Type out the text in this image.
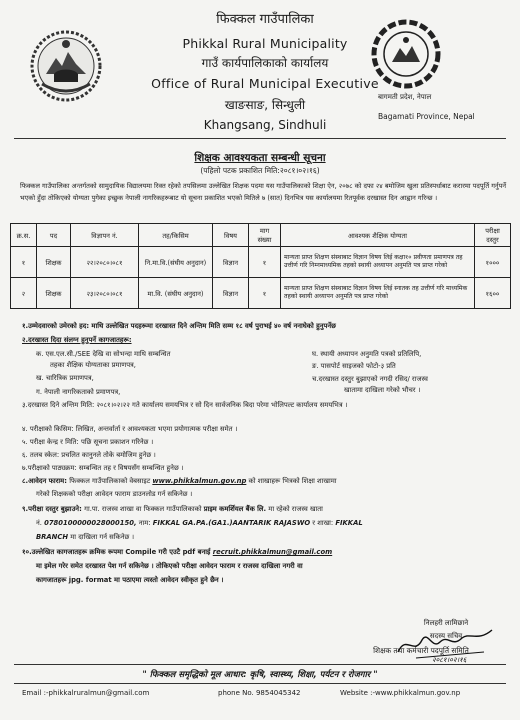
फिक्कल गाउँपालिका
Phikkal Rural Municipality
गाउँ कार्यपालिकाको कार्यालय
Office of Rural Municipal Executive
खाङसाङ, सिन्धुली
Khangsang, Sindhuli
बागमती प्रदेश, नेपाल
Bagamati Province, Nepal
शिक्षक आवश्यकता सम्बन्धी सूचना
(पहिलो पटक प्रकाशित मिति:२०८१।०२।१६)
फिक्कल गाउँपालिका अन्तर्गतको सामुदायिक विद्यालयमा रिक्त रहेको तपसिलमा उल्लेखित शिक्षक पदमा यस गाउँपालिकाको शिक्षा ऐन, २०७८ को दफा २४ बमोजिम खुला प्रतिस्पर्धाबाट करारमा पदपूर्ति गर्नुपर्ने भएको हुँदा तोकिएको योग्यता पुगेका इच्छुक नेपाली नागरिकहरूबाट यो सूचना प्रकाशित भएको मितिले ७ (सात) दिनभित्र यस कार्यालयमा रितपूर्वक दरखास्त दिन आह्वान गरिन्छ ।
क्र.स.	पद	विज्ञापन नं.	तह/किसिम	विषय	माग संख्या	आवश्यक शैक्षिक योग्यता	परीक्षा दस्तुर
१	शिक्षक	२२।२०८०।०८१	नि.मा.वि.(संघीय अनुदान)	विज्ञान	१	मान्यता प्राप्त शिक्षण संस्थाबाट विज्ञान विषय लिई कक्षा१० प्रवीणता प्रमाणपत्र तह उत्तीर्ण गरि निम्नमाध्यमिक तहको स्थायी अध्यापन अनुमति पत्र प्राप्त गरेको	१०००
२	शिक्षक	२३।२०८०।०८१	मा.वि. (संघीय अनुदान)	विज्ञान	१	मान्यता प्राप्त शिक्षण संस्थाबाट विज्ञान विषय लिई स्नातक तह उत्तीर्ण गरि माध्यमिक तहको स्थायी अध्यापन अनुमति पत्र प्राप्त गरेको	१६००
१.उम्मेदवारको उमेरको हद: माथि उल्लेखित पदहरूमा दरखास्त दिने अन्तिम मिति सम्म १८ वर्ष पुराभई ४० वर्ष ननाघेको हुनुपर्नेछ
२.दरखास्त दिदा संलग्न हुनुपर्ने कागजातहरू:
क. एस.एल.सी./SEE देखि वा सोभन्दा माथि सम्बन्धित
तहका शैक्षिक योग्यताका प्रमाणपत्र,
ख. चारित्रिक प्रमाणपत्र,
ग. नेपाली नागरिकताको प्रमाणपत्र,
घ. स्थायी अध्यापन अनुमति पत्रको प्रतिलिपि,
ङ. पासपोर्ट साइजको फोटो-३ प्रति
च.दरखास्त दस्तुर बुझाएको नगदी रसिद/ राजस्व
खातामा दाखिला गरेको भौचर ।
३.दरखास्त दिने अन्तिम मिति: २०८१।०२।२२ गते कार्यालय समयभित्र र सो दिन सार्वजनिक बिदा परेमा भोलिपल्ट कार्यालय समयभित्र ।
४. परीक्षाको किसिम: लिखित, अन्तर्वार्ता र आवश्यकता भएमा प्रयोगात्मक परीक्षा समेत ।
५. परीक्षा केन्द्र र मिति: पछि सूचना प्रकाशन गरिनेछ ।
६. तलब स्केल: प्रचलित कानुनले तोके बमोजिम हुनेछ ।
७.परीक्षाको पाठ्यक्रम: सम्बन्धित तह र विषयसँग सम्बन्धित हुनेछ ।
८.आवेदन फाराम: फिक्कल गाउँपालिकाको वेबसाइट www.phikkalmun.gov.np को शाखाहरू भित्रको शिक्षा शाखामा
गरेको शिक्षकको परीक्षा आवेदन फाराम डाउनलोड गर्न सकिनेछ ।
९.परीक्षा दस्तुर बुझाउने: गा.पा. राजस्व शाखा वा फिक्कल गाउँपालिकाको प्राइम कमर्शियल बैंक लि. मा रहेको राजस्व खाता
नं. 0780100000028000150, नाम: FIKKAL GA.PA.(GA1.)AANTARIK RAJASWO र शाखा: FIKKAL
BRANCH मा दाखिला गर्न सकिनेछ ।
१०.उल्लेखित कागजातहरू क्रमिक रूपमा Compile गरी एउटै pdf बनाई recruit.phikkalmun@gmail.com
मा इमेल गरेर समेत दरखास्त पेश गर्न सकिनेछ । तोकिएको परीक्षा आवेदन फाराम र राजस्व दाखिला नगरी वा
कागजातहरू jpg. format मा पठाएमा त्यस्तो आवेदन स्वीकृत हुने छैन ।
२०८१।०२।१६
निलहरी लामिछाने
सदस्य सचिव
शिक्षक तथा कर्मचारी पदपूर्ति समिति
" फिक्कल समृद्धिको मूल आधार: कृषि, स्वास्थ्य, शिक्षा, पर्यटन र रोजगार "
Email :-phikkalruralmun@gmail.com	phone No. 9854045342	Website :-www.phikkalmun.gov.np
